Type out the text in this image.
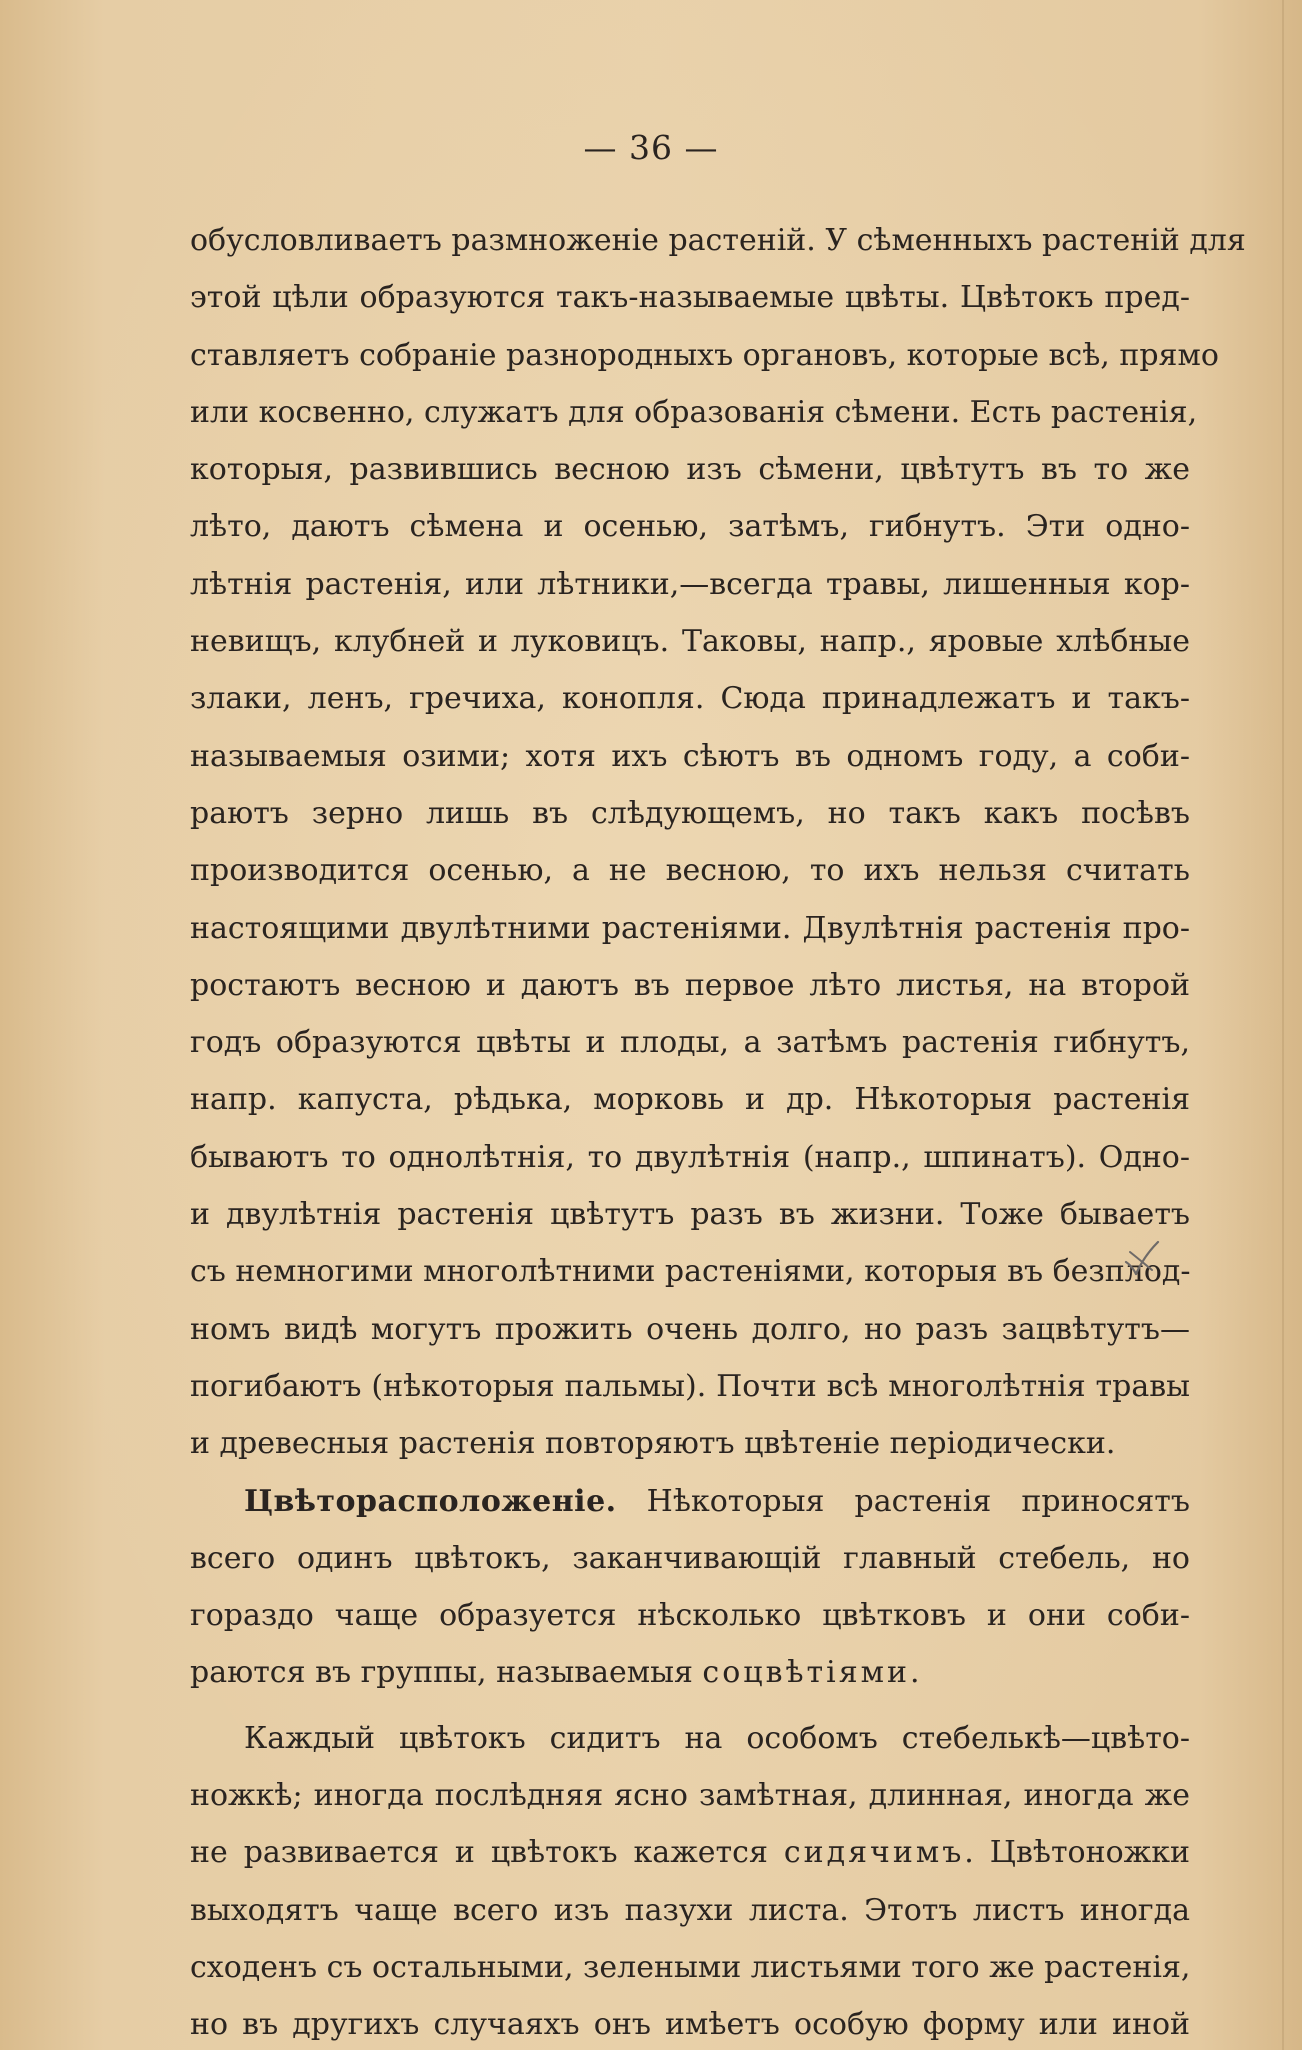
— 36 —
обусловливаетъ размноженіе растеній. У сѣменныхъ растеній для
этой цѣли образуются такъ-называемые цвѣты. Цвѣтокъ пред-
ставляетъ собраніе разнородныхъ органовъ, которые всѣ, прямо
или косвенно, служатъ для образованія сѣмени. Есть растенія,
которыя, развившись весною изъ сѣмени, цвѣтутъ въ то же
лѣто, даютъ сѣмена и осенью, затѣмъ, гибнутъ. Эти одно-
лѣтнія растенія, или лѣтники,—всегда травы, лишенныя кор-
невищъ, клубней и луковицъ. Таковы, напр., яровые хлѣбные
злаки, ленъ, гречиха, конопля. Сюда принадлежатъ и такъ-
называемыя озими; хотя ихъ сѣютъ въ одномъ году, а соби-
раютъ зерно лишь въ слѣдующемъ, но такъ какъ посѣвъ
производится осенью, а не весною, то ихъ нельзя считать
настоящими двулѣтними растеніями. Двулѣтнія растенія про-
ростаютъ весною и даютъ въ первое лѣто листья, на второй
годъ образуются цвѣты и плоды, а затѣмъ растенія гибнутъ,
напр. капуста, рѣдька, морковь и др. Нѣкоторыя растенія
бываютъ то однолѣтнія, то двулѣтнія (напр., шпинатъ). Одно-
и двулѣтнія растенія цвѣтутъ разъ въ жизни. Тоже бываетъ
съ немногими многолѣтними растеніями, которыя въ безплод-
номъ видѣ могутъ прожить очень долго, но разъ зацвѣтутъ—
погибаютъ (нѣкоторыя пальмы). Почти всѣ многолѣтнія травы
и древесныя растенія повторяютъ цвѣтеніе періодически.
Цвѣторасположеніе. Нѣкоторыя растенія приносятъ
всего одинъ цвѣтокъ, заканчивающій главный стебель, но
гораздо чаще образуется нѣсколько цвѣтковъ и они соби-
раются въ группы, называемыя соцвѣтіями.
Каждый цвѣтокъ сидитъ на особомъ стебелькѣ—цвѣто-
ножкѣ; иногда послѣдняя ясно замѣтная, длинная, иногда же
не развивается и цвѣтокъ кажется сидячимъ. Цвѣтоножки
выходятъ чаще всего изъ пазухи листа. Этотъ листъ иногда
сходенъ съ остальными, зелеными листьями того же растенія,
но въ другихъ случаяхъ онъ имѣетъ особую форму или иной
